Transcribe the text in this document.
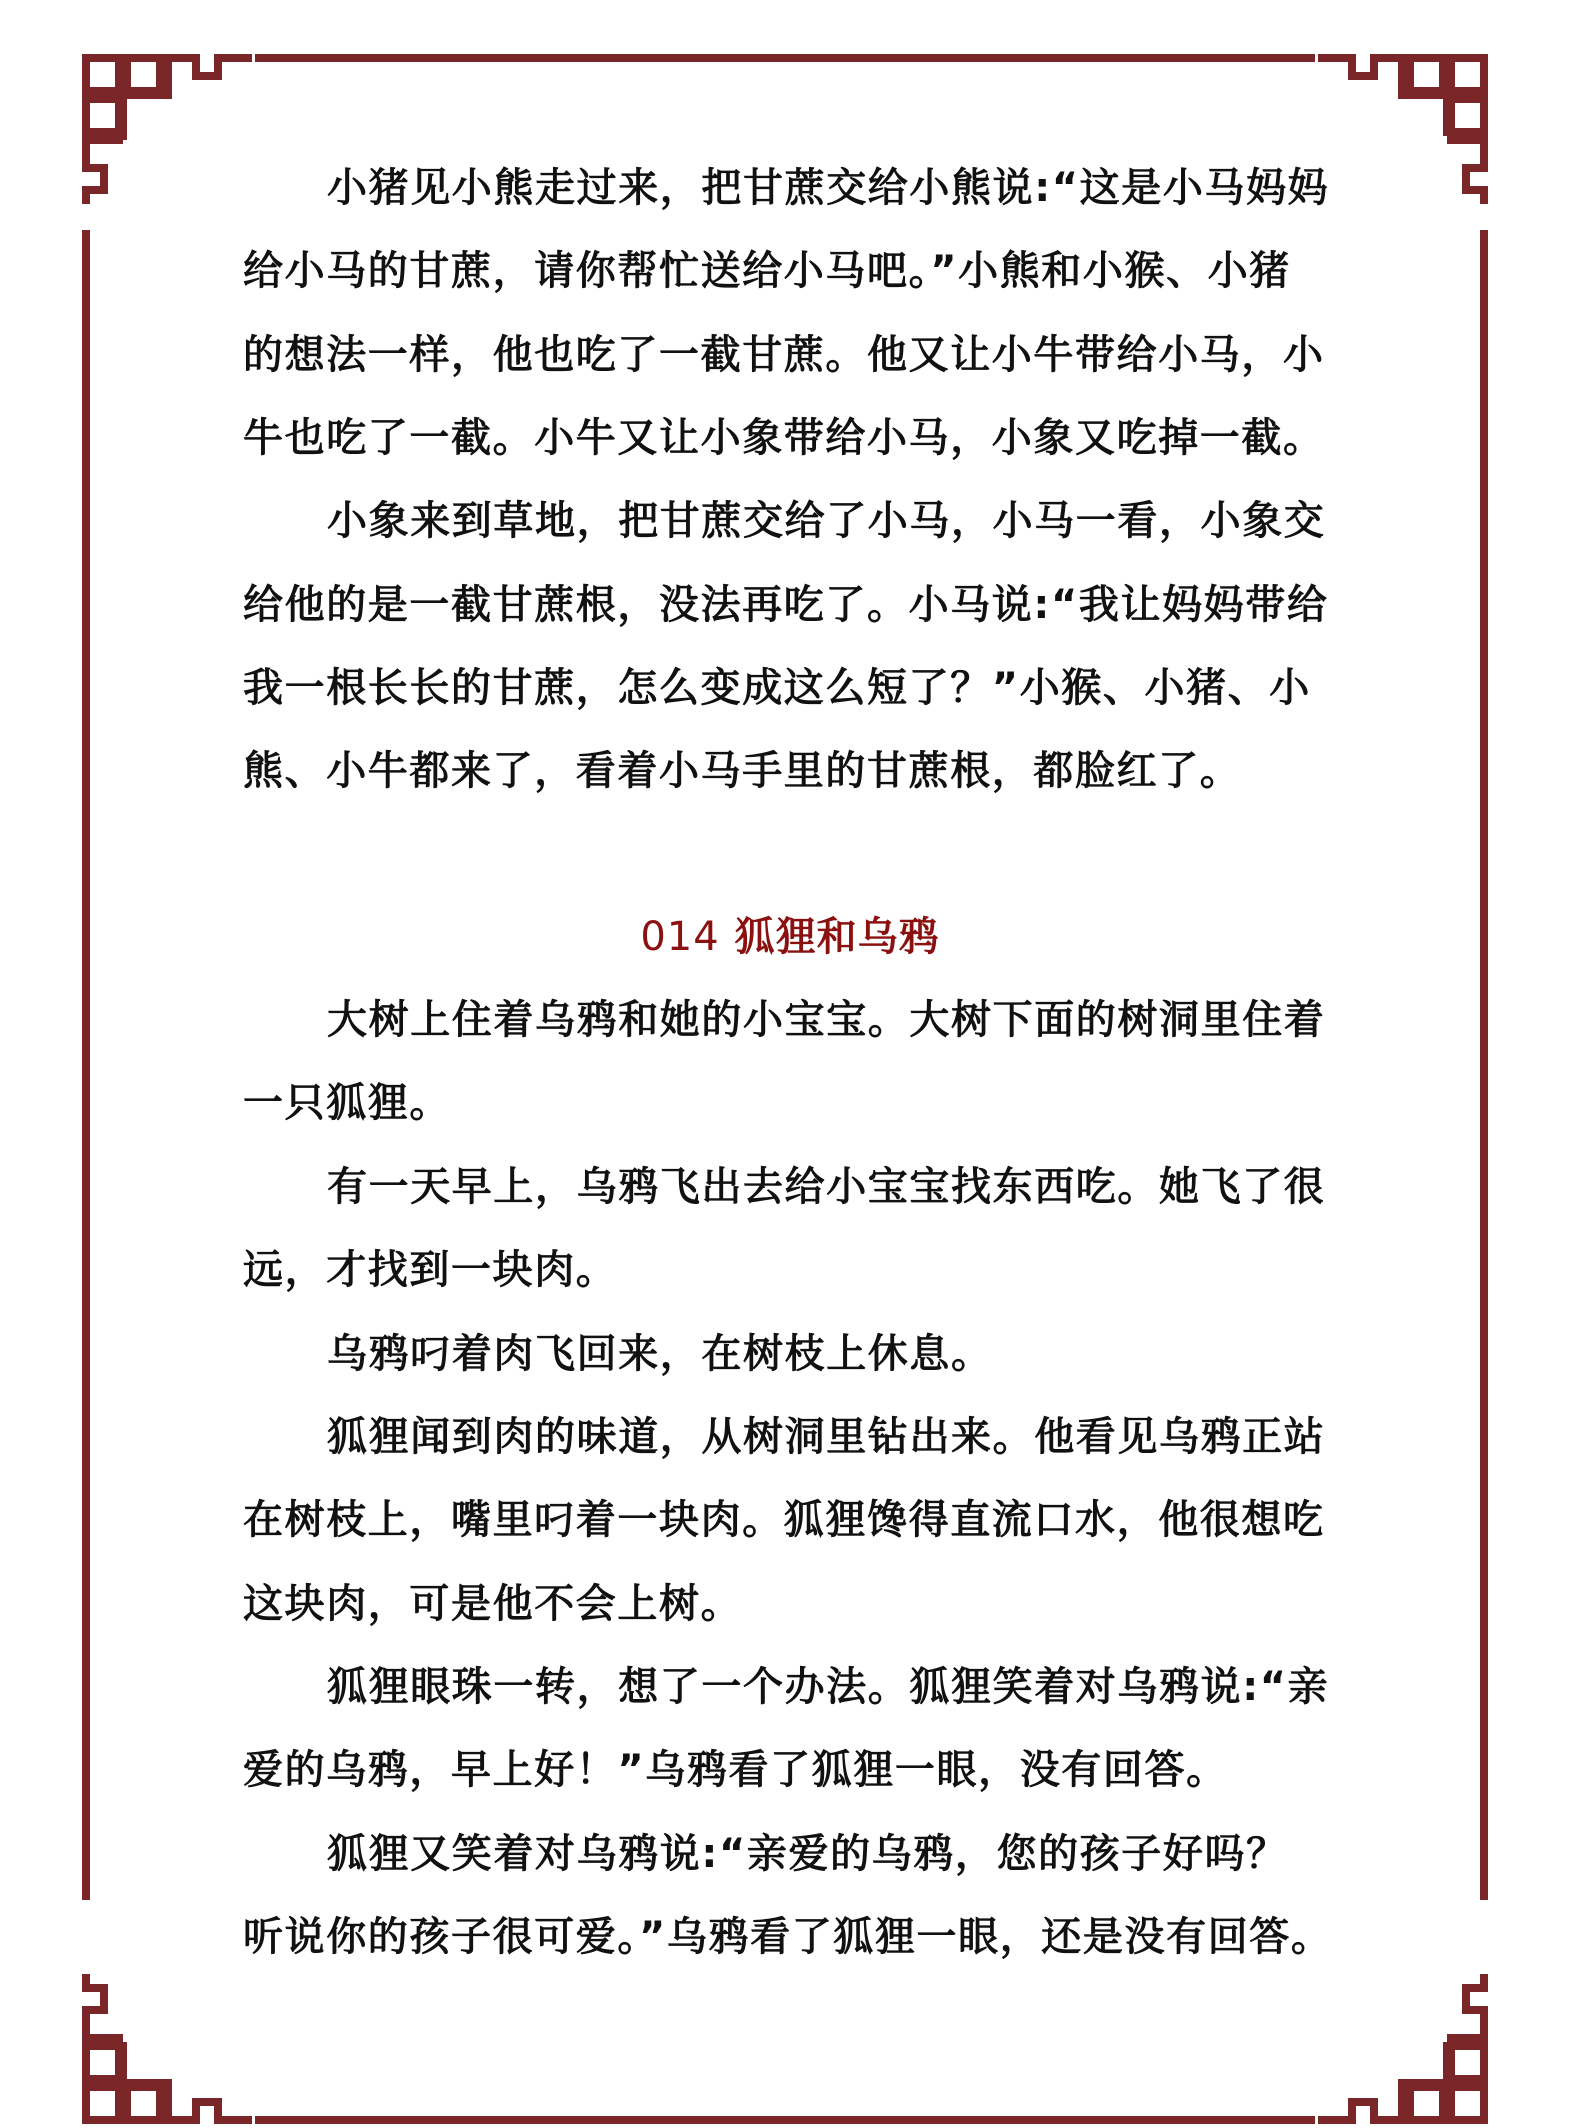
小猪见小熊走过来，把甘蔗交给小熊说:“这是小马妈妈
给小马的甘蔗，请你帮忙送给小马吧。”小熊和小猴、小猪
的想法一样，他也吃了一截甘蔗。他又让小牛带给小马，小
牛也吃了一截。小牛又让小象带给小马，小象又吃掉一截。
小象来到草地，把甘蔗交给了小马，小马一看，小象交
给他的是一截甘蔗根，没法再吃了。小马说:“我让妈妈带给
我一根长长的甘蔗，怎么变成这么短了？”小猴、小猪、小
熊、小牛都来了，看着小马手里的甘蔗根，都脸红了。
014 狐狸和乌鸦
大树上住着乌鸦和她的小宝宝。大树下面的树洞里住着
一只狐狸。
有一天早上，乌鸦飞出去给小宝宝找东西吃。她飞了很
远，才找到一块肉。
乌鸦叼着肉飞回来，在树枝上休息。
狐狸闻到肉的味道，从树洞里钻出来。他看见乌鸦正站
在树枝上，嘴里叼着一块肉。狐狸馋得直流口水，他很想吃
这块肉，可是他不会上树。
狐狸眼珠一转，想了一个办法。狐狸笑着对乌鸦说:“亲
爱的乌鸦，早上好！”乌鸦看了狐狸一眼，没有回答。
狐狸又笑着对乌鸦说:“亲爱的乌鸦，您的孩子好吗？
听说你的孩子很可爱。”乌鸦看了狐狸一眼，还是没有回答。
